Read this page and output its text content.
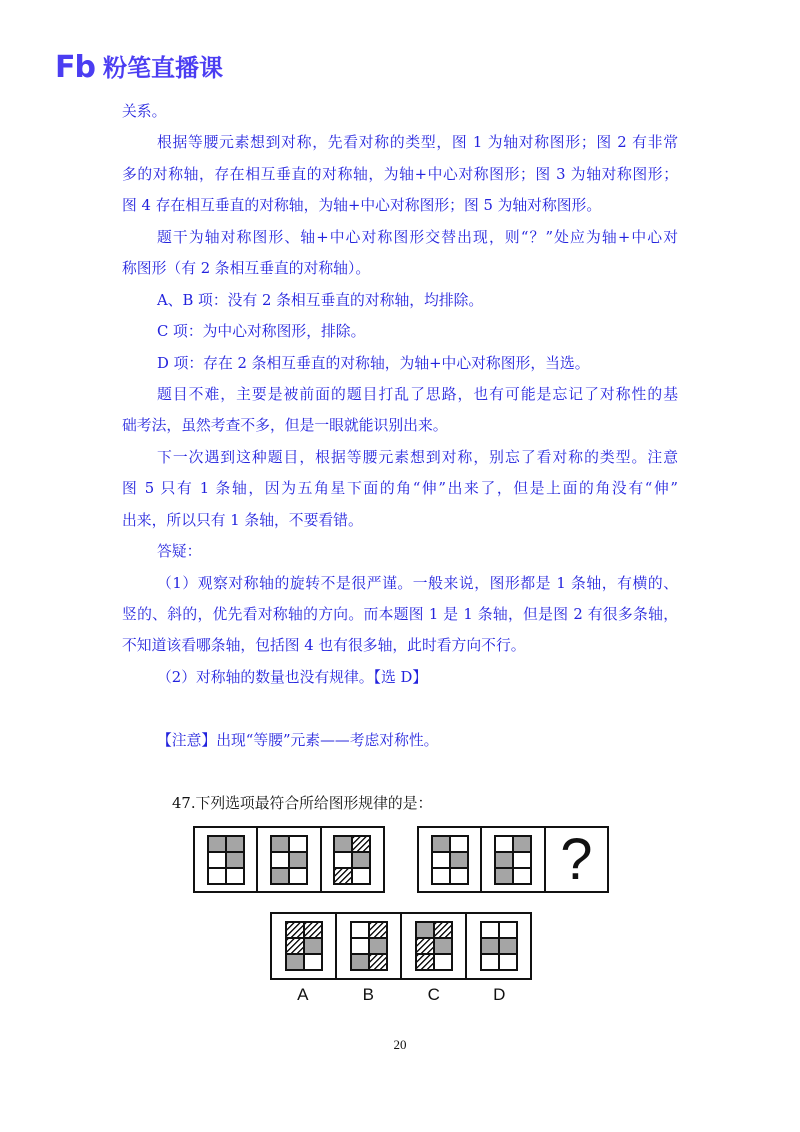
Fb 粉笔直播课
关系。
根据等腰元素想到对称，先看对称的类型，图 1 为轴对称图形；图 2 有非常
多的对称轴，存在相互垂直的对称轴，为轴+中心对称图形；图 3 为轴对称图形；
图 4 存在相互垂直的对称轴，为轴+中心对称图形；图 5 为轴对称图形。
题干为轴对称图形、轴+中心对称图形交替出现，则“？”处应为轴+中心对
称图形（有 2 条相互垂直的对称轴）。
A、B 项：没有 2 条相互垂直的对称轴，均排除。
C 项：为中心对称图形，排除。
D 项：存在 2 条相互垂直的对称轴，为轴+中心对称图形，当选。
题目不难，主要是被前面的题目打乱了思路，也有可能是忘记了对称性的基
础考法，虽然考查不多，但是一眼就能识别出来。
下一次遇到这种题目，根据等腰元素想到对称，别忘了看对称的类型。注意
图 5 只有 1 条轴，因为五角星下面的角“伸”出来了，但是上面的角没有“伸”
出来，所以只有 1 条轴，不要看错。
答疑：
（1）观察对称轴的旋转不是很严谨。一般来说，图形都是 1 条轴，有横的、
竖的、斜的，优先看对称轴的方向。而本题图 1 是 1 条轴，但是图 2 有很多条轴，
不知道该看哪条轴，包括图 4 也有很多轴，此时看方向不行。
（2）对称轴的数量也没有规律。【选 D】
【注意】出现“等腰”元素——考虑对称性。
47.下列选项最符合所给图形规律的是：
?
A	B	C	D
20
